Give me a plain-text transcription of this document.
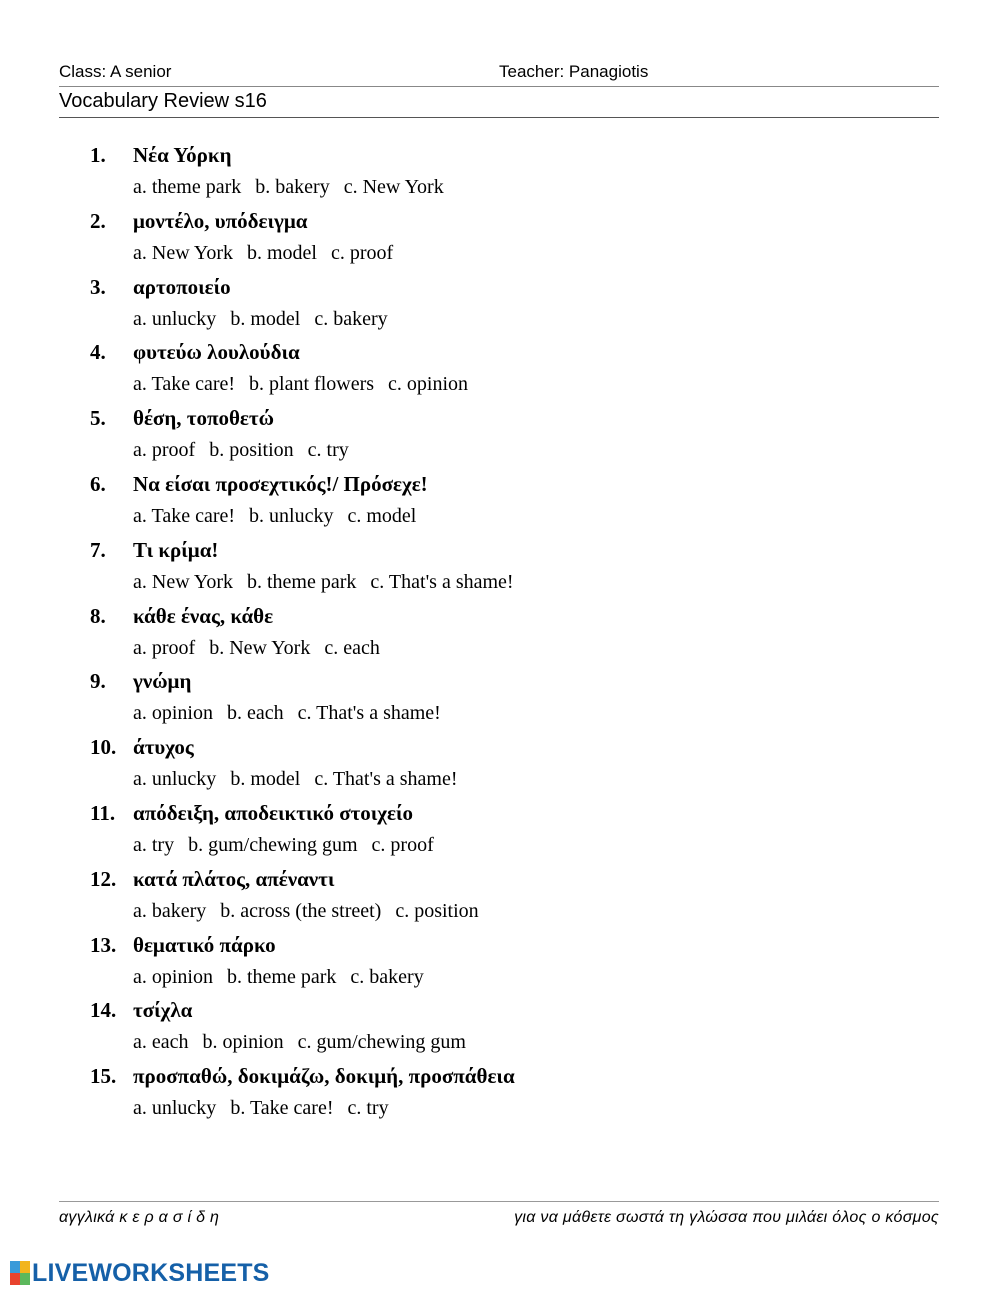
Class: A senior	Teacher: Panagiotis
Vocabulary Review s16
1. Νέα Υόρκη
a. theme park b. bakery c. New York
2. μοντέλο, υπόδειγμα
a. New York b. model c. proof
3. αρτοποιείο
a. unlucky b. model c. bakery
4. φυτεύω λουλούδια
a. Take care! b. plant flowers c. opinion
5. θέση, τοποθετώ
a. proof b. position c. try
6. Να είσαι προσεχτικός!/ Πρόσεχε!
a. Take care! b. unlucky c. model
7. Τι κρίμα!
a. New York b. theme park c. That's a shame!
8. κάθε ένας, κάθε
a. proof b. New York c. each
9. γνώμη
a. opinion b. each c. That's a shame!
10. άτυχος
a. unlucky b. model c. That's a shame!
11. απόδειξη, αποδεικτικό στοιχείο
a. try b. gum/chewing gum c. proof
12. κατά πλάτος, απέναντι
a. bakery b. across (the street) c. position
13. θεματικό πάρκο
a. opinion b. theme park c. bakery
14. τσίχλα
a. each b. opinion c. gum/chewing gum
15. προσπαθώ, δοκιμάζω, δοκιμή, προσπάθεια
a. unlucky b. Take care! c. try
αγγλικά κ ε ρ α σ ί δ η	για να μάθετε σωστά τη γλώσσα που μιλάει όλος ο κόσμος
LIVEWORKSHEETS
